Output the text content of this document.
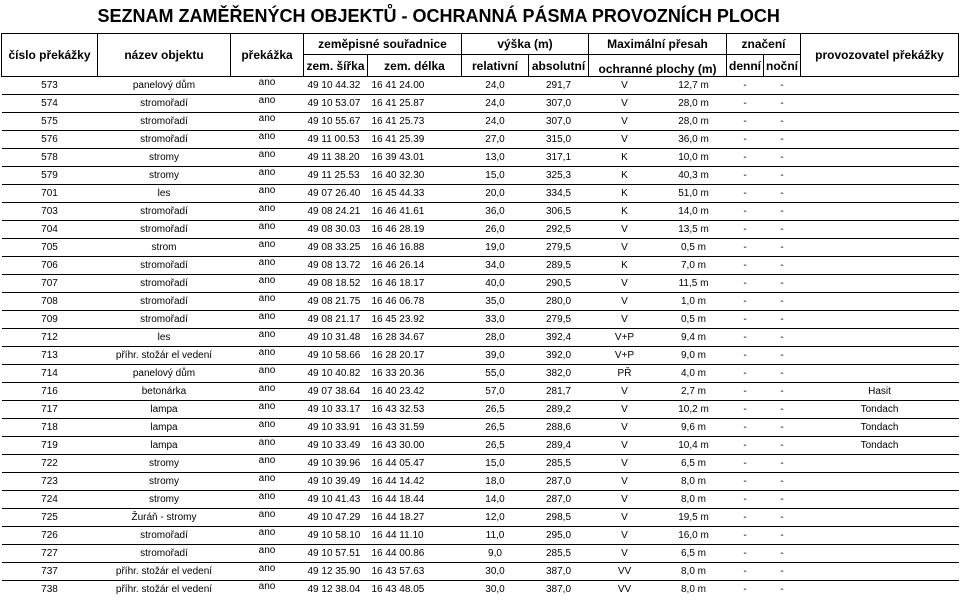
	SEZNAM ZAMĚŘENÝCH OBJEKTŮ - OCHRANNÁ PÁSMA PROVOZNÍCH PLOCH										
číslo překážky	název objektu	překážka	zeměpisné souřadnice		výška (m)		Maximální přesah		značení		provozovatel překážky
			zem. šířka	zem. délka	relativní	absolutní	ochranné plochy (m)		denní	noční	
573	panelový dům	ano	49 10 44.32	16 41 24.00	24,0	291,7	V	12,7 m	-	-	
574	stromořadí	ano	49 10 53.07	16 41 25.87	24,0	307,0	V	28,0 m	-	-	
575	stromořadí	ano	49 10 55.67	16 41 25.73	24,0	307,0	V	28,0 m	-	-	
576	stromořadí	ano	49 11 00.53	16 41 25.39	27,0	315,0	V	36,0 m	-	-	
578	stromy	ano	49 11 38.20	16 39 43.01	13,0	317,1	K	10,0 m	-	-	
579	stromy	ano	49 11 25.53	16 40 32.30	15,0	325,3	K	40,3 m	-	-	
701	les	ano	49 07 26.40	16 45 44.33	20,0	334,5	K	51,0 m	-	-	
703	stromořadí	ano	49 08 24.21	16 46 41.61	36,0	306,5	K	14,0 m	-	-	
704	stromořadí	ano	49 08 30.03	16 46 28.19	26,0	292,5	V	13,5 m	-	-	
705	strom	ano	49 08 33.25	16 46 16.88	19,0	279,5	V	0,5 m	-	-	
706	stromořadí	ano	49 08 13.72	16 46 26.14	34,0	289,5	K	7,0 m	-	-	
707	stromořadí	ano	49 08 18.52	16 46 18.17	40,0	290,5	V	11,5 m	-	-	
708	stromořadí	ano	49 08 21.75	16 46 06.78	35,0	280,0	V	1,0 m	-	-	
709	stromořadí	ano	49 08 21.17	16 45 23.92	33,0	279,5	V	0,5 m	-	-	
712	les	ano	49 10 31.48	16 28 34.67	28,0	392,4	V+P	9,4 m	-	-	
713	příhr. stožár el vedení	ano	49 10 58.66	16 28 20.17	39,0	392,0	V+P	9,0 m	-	-	
714	panelový dům	ano	49 10 40.82	16 33 20.36	55,0	382,0	PŘ	4,0 m	-	-	
716	betonárka	ano	49 07 38.64	16 40 23.42	57,0	281,7	V	2,7 m	-	-	Hasit
717	lampa	ano	49 10 33.17	16 43 32.53	26,5	289,2	V	10,2 m	-	-	Tondach
718	lampa	ano	49 10 33.91	16 43 31.59	26,5	288,6	V	9,6 m	-	-	Tondach
719	lampa	ano	49 10 33.49	16 43 30.00	26,5	289,4	V	10,4 m	-	-	Tondach
722	stromy	ano	49 10 39.96	16 44 05.47	15,0	285,5	V	6,5 m	-	-	
723	stromy	ano	49 10 39.49	16 44 14.42	18,0	287,0	V	8,0 m	-	-	
724	stromy	ano	49 10 41.43	16 44 18.44	14,0	287,0	V	8,0 m	-	-	
725	Žuráň - stromy	ano	49 10 47.29	16 44 18.27	12,0	298,5	V	19,5 m	-	-	
726	stromořadí	ano	49 10 58.10	16 44 11.10	11,0	295,0	V	16,0 m	-	-	
727	stromořadí	ano	49 10 57.51	16 44 00.86	9,0	285,5	V	6,5 m	-	-	
737	příhr. stožár el vedení	ano	49 12 35.90	16 43 57.63	30,0	387,0	VV	8,0 m	-	-	
738	příhr. stožár el vedení	ano	49 12 38.04	16 43 48.05	30,0	387,0	VV	8,0 m	-	-	
